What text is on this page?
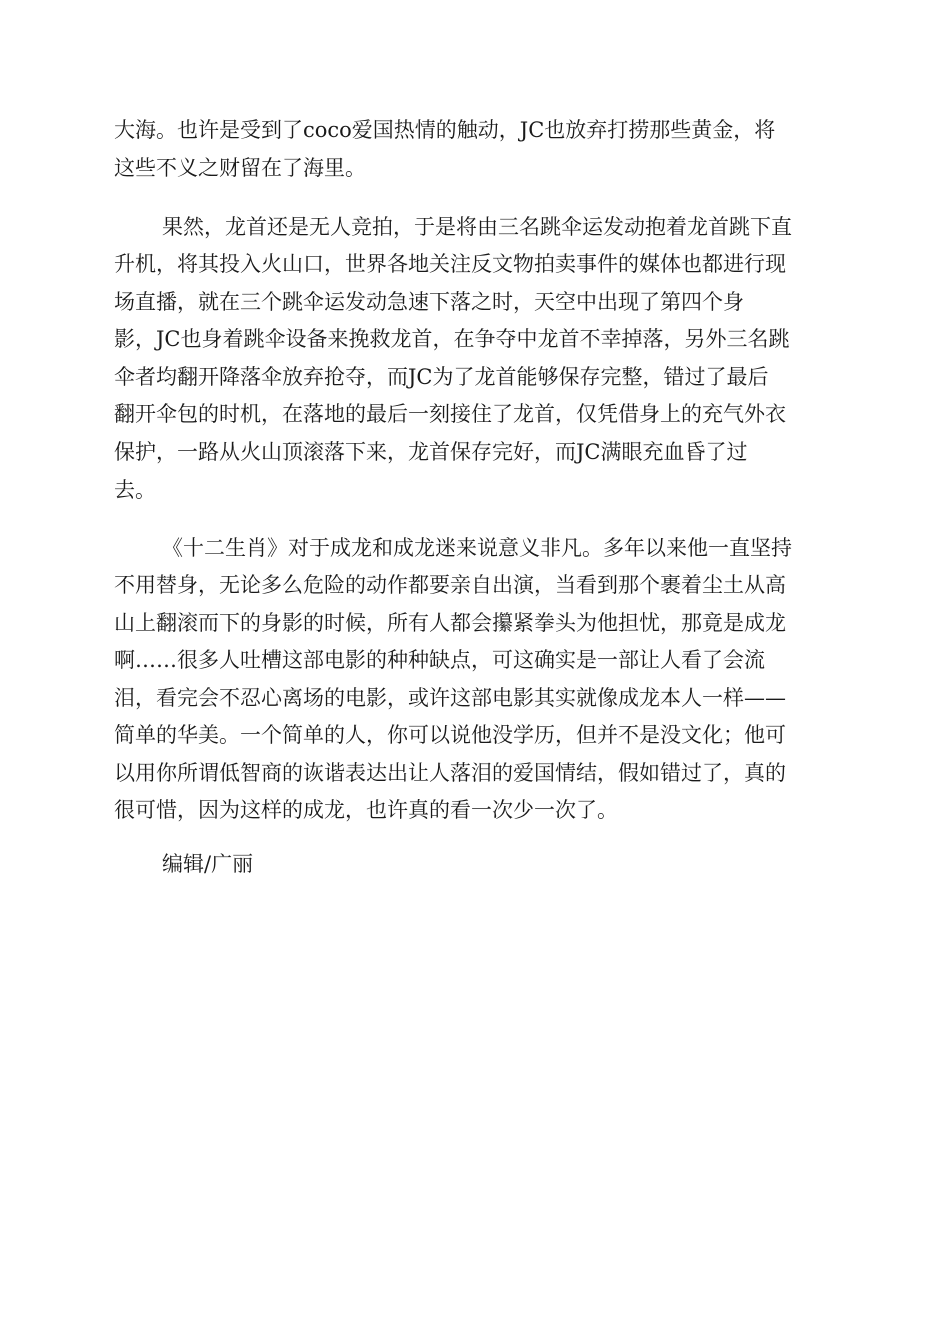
大海。也许是受到了coco爱国热情的触动，JC也放弃打捞那些黄金，将

这些不义之财留在了海里。

果然，龙首还是无人竞拍，于是将由三名跳伞运发动抱着龙首跳下直

升机，将其投入火山口，世界各地关注反文物拍卖事件的媒体也都进行现

场直播，就在三个跳伞运发动急速下落之时，天空中出现了第四个身

影，JC也身着跳伞设备来挽救龙首，在争夺中龙首不幸掉落，另外三名跳

伞者均翻开降落伞放弃抢夺，而JC为了龙首能够保存完整，错过了最后

翻开伞包的时机，在落地的最后一刻接住了龙首，仅凭借身上的充气外衣

保护，一路从火山顶滚落下来，龙首保存完好，而JC满眼充血昏了过

去。

《十二生肖》对于成龙和成龙迷来说意义非凡。多年以来他一直坚持

不用替身，无论多么危险的动作都要亲自出演，当看到那个裹着尘土从高

山上翻滚而下的身影的时候，所有人都会攥紧拳头为他担忧，那竟是成龙

啊……很多人吐槽这部电影的种种缺点，可这确实是一部让人看了会流

泪，看完会不忍心离场的电影，或许这部电影其实就像成龙本人一样——

简单的华美。一个简单的人，你可以说他没学历，但并不是没文化；他可

以用你所谓低智商的诙谐表达出让人落泪的爱国情结，假如错过了，真的

很可惜，因为这样的成龙，也许真的看一次少一次了。

编辑/广丽
